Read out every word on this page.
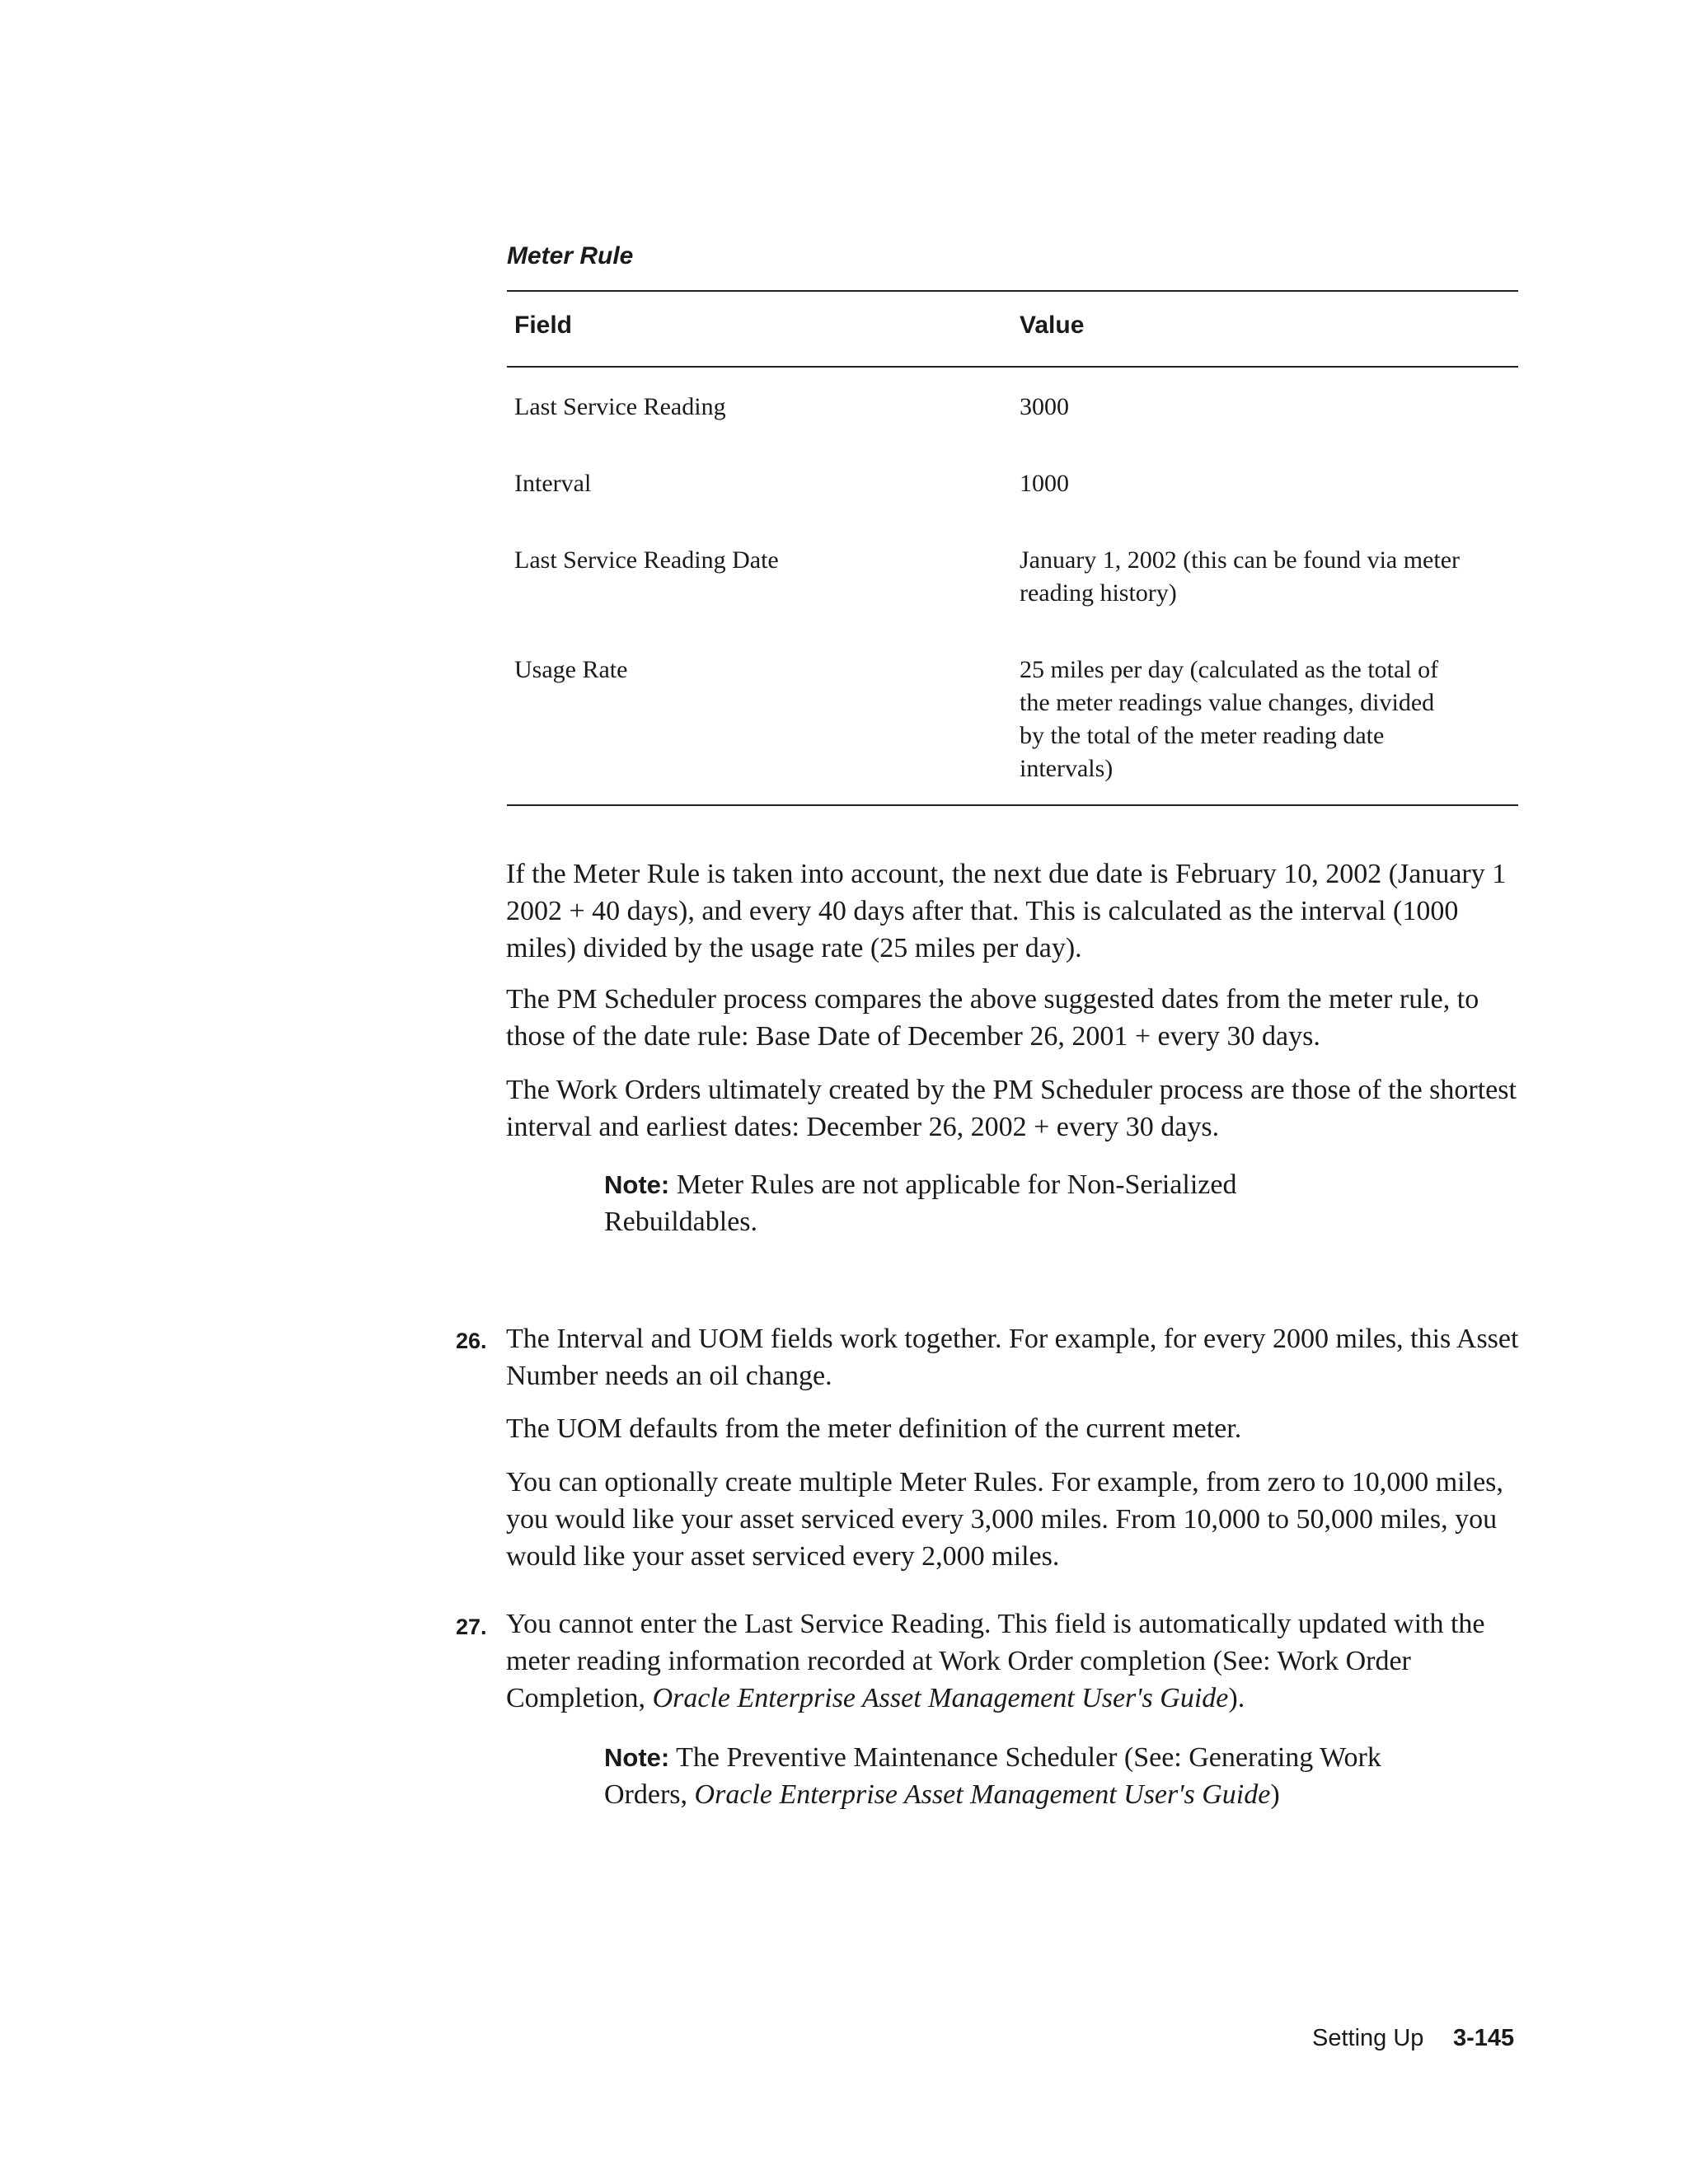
Meter Rule
Field	Value
Last Service Reading	3000
Interval	1000
Last Service Reading Date	January 1, 2002 (this can be found via meter
reading history)
Usage Rate	25 miles per day (calculated as the total of
the meter readings value changes, divided
by the total of the meter reading date
intervals)
If the Meter Rule is taken into account, the next due date is February 10, 2002 (January 1 2002 + 40 days), and every 40 days after that. This is calculated as the interval (1000 miles) divided by the usage rate (25 miles per day).
The PM Scheduler process compares the above suggested dates from the meter rule, to those of the date rule: Base Date of December 26, 2001 + every 30 days.
The Work Orders ultimately created by the PM Scheduler process are those of the shortest interval and earliest dates: December 26, 2002 + every 30 days.
Note: Meter Rules are not applicable for Non-Serialized Rebuildables.
26. The Interval and UOM fields work together. For example, for every 2000 miles, this Asset Number needs an oil change.
The UOM defaults from the meter definition of the current meter.
You can optionally create multiple Meter Rules. For example, from zero to 10,000 miles, you would like your asset serviced every 3,000 miles. From 10,000 to 50,000 miles, you would like your asset serviced every 2,000 miles.
27. You cannot enter the Last Service Reading. This field is automatically updated with the meter reading information recorded at Work Order completion (See: Work Order Completion, Oracle Enterprise Asset Management User's Guide).
Note: The Preventive Maintenance Scheduler (See: Generating Work Orders, Oracle Enterprise Asset Management User's Guide)
Setting Up 3-145
